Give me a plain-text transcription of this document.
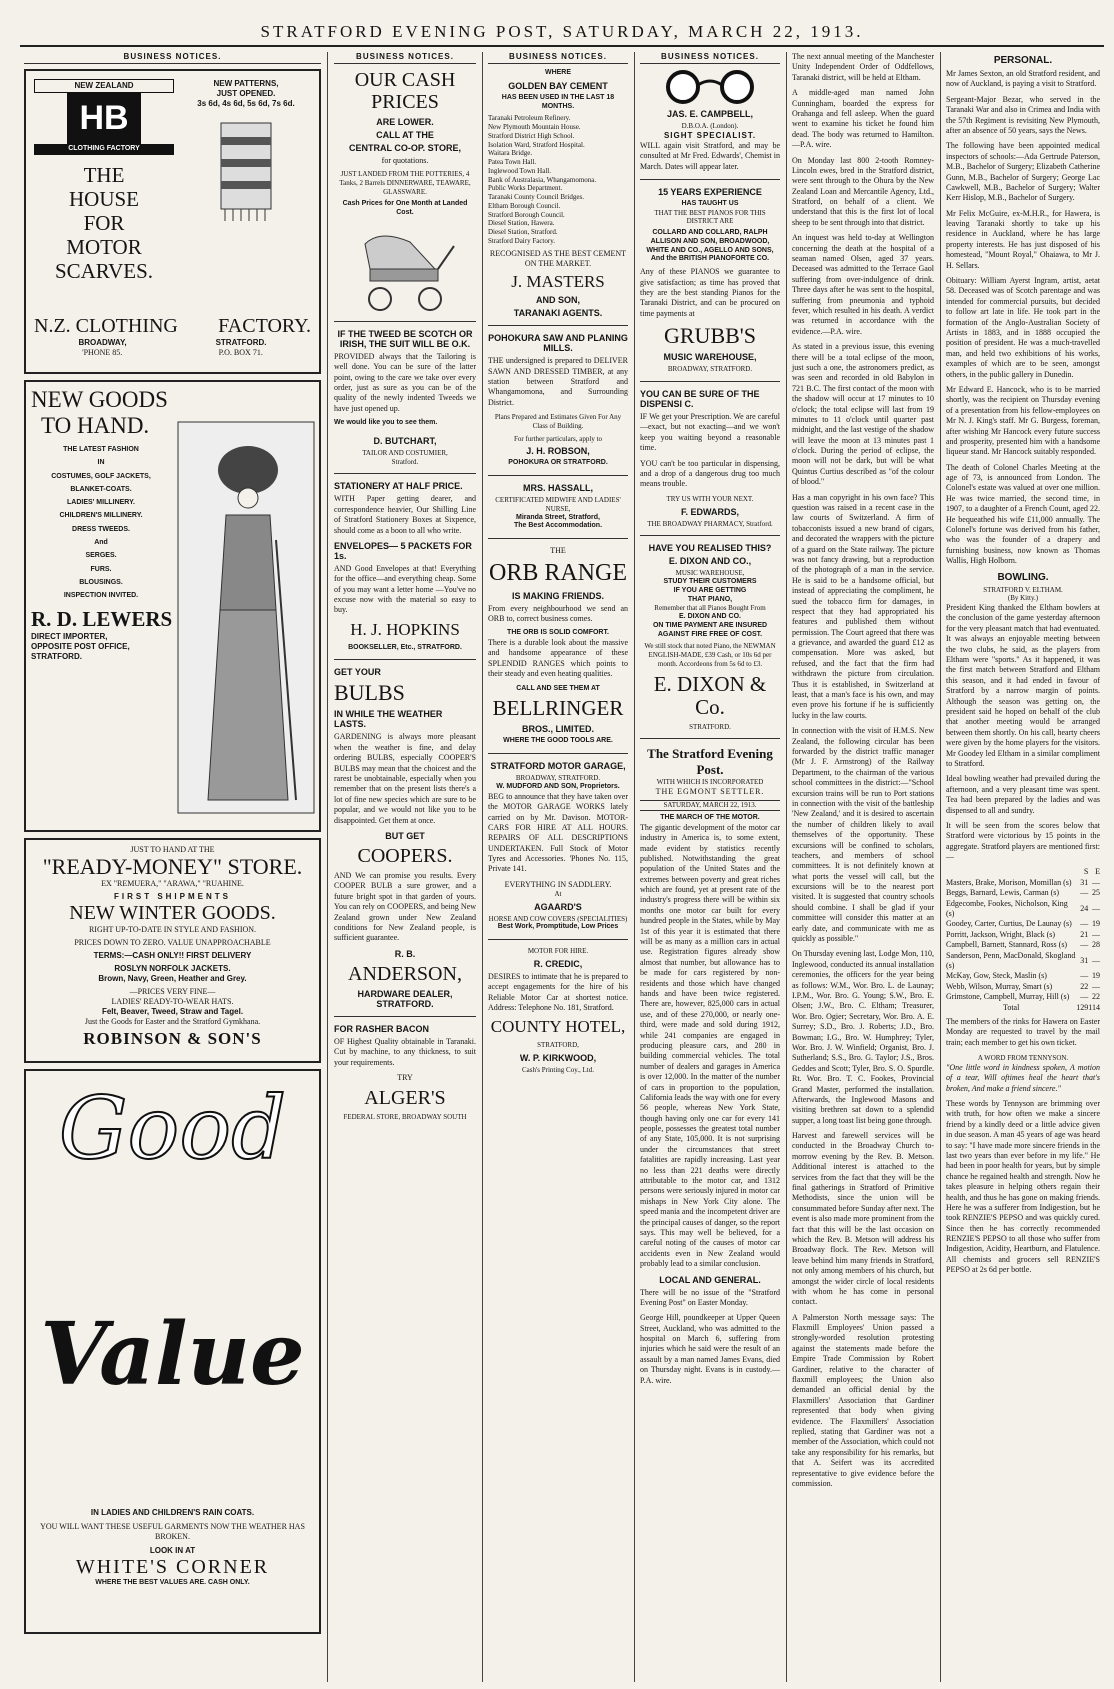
STRATFORD EVENING POST, SATURDAY, MARCH 22, 1913.
BUSINESS NOTICES.
NEW ZEALAND
HB
CLOTHING FACTORY
THE
HOUSE
FOR
MOTOR
SCARVES.
NEW PATTERNS,
JUST OPENED.
3s 6d, 4s 6d, 5s 6d, 7s 6d.
N.Z. CLOTHING FACTORY.
BROADWAY,	STRATFORD.
'PHONE 85.	P.O. BOX 71.
NEW GOODS
TO HAND.
THE LATEST FASHION
IN
COSTUMES, GOLF JACKETS,
BLANKET-COATS.
LADIES' MILLINERY.
CHILDREN'S MILLINERY.
DRESS TWEEDS.
And
SERGES.
FURS.
BLOUSINGS.
INSPECTION INVITED.
R. D. LEWERS
DIRECT IMPORTER,
OPPOSITE POST OFFICE,
STRATFORD.
JUST TO HAND AT THE
"READY-MONEY" STORE.
EX "REMUERA," "ARAWA," "RUAHINE.
FIRST SHIPMENTS
NEW WINTER GOODS.
RIGHT UP-TO-DATE IN STYLE AND FASHION.
PRICES DOWN TO ZERO. VALUE UNAPPROACHABLE
TERMS:—CASH ONLY!! FIRST DELIVERY
ROSLYN NORFOLK JACKETS.
Brown, Navy, Green, Heather and Grey.
—PRICES VERY FINE—
LADIES' READY-TO-WEAR HATS.
Felt, Beaver, Tweed, Straw and Tagel.
Just the Goods for Easter and the Stratford Gymkhana.
ROBINSON & SON'S
Good
Value
IN LADIES AND CHILDREN'S RAIN COATS.
YOU WILL WANT THESE USEFUL GARMENTS NOW THE WEATHER HAS BROKEN.
LOOK IN AT
WHITE'S CORNER
WHERE THE BEST VALUES ARE. CASH ONLY.
BUSINESS NOTICES.
OUR CASH PRICES
ARE LOWER.
CALL AT THE
CENTRAL CO-OP. STORE,
for quotations.
JUST LANDED FROM THE POTTERIES, 4 Tanks, 2 Barrels DINNERWARE, TEAWARE, GLASSWARE.
Cash Prices for One Month at Landed Cost.
IF THE TWEED BE SCOTCH OR IRISH, THE SUIT WILL BE O.K.

PROVIDED always that the Tailoring is well done. You can be sure of the latter point, owing to the care we take over every order, just as sure as you can be of the quality of the newly indented Tweeds we have just opened up.

We would like you to see them.
D. BUTCHART,
TAILOR AND COSTUMIER,
Stratford.
STATIONERY AT HALF PRICE.

WITH Paper getting dearer, and correspondence heavier, Our Shilling Line of Stratford Stationery Boxes at Sixpence, should come as a boon to all who write.

ENVELOPES— 5 PACKETS FOR 1s.

AND Good Envelopes at that! Everything for the office—and everything cheap. Some of you may want a letter home —You've no excuse now with the material so easy to buy.

H. J. HOPKINS
BOOKSELLER, Etc., STRATFORD.
GET YOUR
BULBS
IN WHILE THE WEATHER LASTS.

GARDENING is always more pleasant when the weather is fine, and delay ordering BULBS, especially COOPER'S BULBS may mean that the choicest and the rarest be unobtainable, especially when you remember that on the present lists there's a lot of fine new species which are sure to be popular, and we would not like you to be disappointed. Get them at once.

BUT GET
COOPERS.

AND We can promise you results. Every COOPER BULB a sure grower, and a future bright spot in that garden of yours. You can rely on COOPERS, and being New Zealand grown under New Zealand conditions for New Zealand people, is sufficient guarantee.

R. B.
ANDERSON,
HARDWARE DEALER, STRATFORD.
FOR RASHER BACON

OF Highest Quality obtainable in Taranaki. Cut by machine, to any thickness, to suit your requirements.

TRY
ALGER'S
FEDERAL STORE, BROADWAY SOUTH
BUSINESS NOTICES.
WHERE
GOLDEN BAY CEMENT
HAS BEEN USED IN THE LAST 18 MONTHS.
Taranaki Petroleum Refinery.
New Plymouth Mountain House.
Stratford District High School.
Isolation Ward, Stratford Hospital.
Waitara Bridge.
Patea Town Hall.
Inglewood Town Hall.
Bank of Australasia, Whangamomona.
Public Works Department.
Taranaki County Council Bridges.
Eltham Borough Council.
Stratford Borough Council.
Diesel Station, Hawera.
Diesel Station, Stratford.
Stratford Dairy Factory.
RECOGNISED AS THE BEST CEMENT ON THE MARKET.
J. MASTERS
AND SON,
TARANAKI AGENTS.
POHOKURA SAW AND PLANING MILLS.

THE undersigned is prepared to DELIVER SAWN AND DRESSED TIMBER, at any station between Stratford and Whangamomona, and Surrounding District.

Plans Prepared and Estimates Given For Any Class of Building.
For further particulars, apply to
J. H. ROBSON,
POHOKURA OR STRATFORD.
MRS. HASSALL,
CERTIFICATED MIDWIFE AND LADIES' NURSE,
Miranda Street, Stratford,
The Best Accommodation.
THE
ORB RANGE
IS MAKING FRIENDS.

From every neighbourhood we send an ORB to, correct business comes.

THE ORB IS SOLID COMFORT.

There is a durable look about the massive and handsome appearance of these SPLENDID RANGES which points to their steady and even heating qualities.

CALL AND SEE THEM AT
BELLRINGER
BROS., LIMITED.
WHERE THE GOOD TOOLS ARE.
STRATFORD MOTOR GARAGE,
BROADWAY, STRATFORD.
W. MUDFORD AND SON, Proprietors.

BEG to announce that they have taken over the MOTOR GARAGE WORKS lately carried on by Mr. Davison. MOTOR-CARS FOR HIRE AT ALL HOURS. REPAIRS OF ALL DESCRIPTIONS UNDERTAKEN. Full Stock of Motor Tyres and Accessories. 'Phones No. 115, Private 141.

EVERYTHING IN SADDLERY.
At
AGAARD'S
HORSE AND COW COVERS (SPECIALITIES)
Best Work, Promptitude, Low Prices
MOTOR FOR HIRE.
R. CREDIC,

DESIRES to intimate that he is prepared to accept engagements for the hire of his Reliable Motor Car at shortest notice. Address: Telephone No. 181, Stratford.

COUNTY HOTEL,
STRATFORD,
W. P. KIRKWOOD,
Cash's Printing Coy., Ltd.
BUSINESS NOTICES.
JAS. E. CAMPBELL,
D.B.O.A. (London).
SIGHT SPECIALIST.

WILL again visit Stratford, and may be consulted at Mr Fred. Edwards', Chemist in March. Dates will appear later.

15 YEARS EXPERIENCE
HAS TAUGHT US
THAT THE BEST PIANOS FOR THIS DISTRICT ARE
COLLARD AND COLLARD, RALPH ALLISON AND SON, BROADWOOD, WHITE AND CO., AGELLO AND SONS, And the BRITISH PIANOFORTE CO.

Any of these PIANOS we guarantee to give satisfaction; as time has proved that they are the best standing Pianos for the Taranaki District, and can be procured on time payments at

GRUBB'S
MUSIC WAREHOUSE,
BROADWAY, STRATFORD.
YOU CAN BE SURE OF THE DISPENSI C.

IF We get your Prescription. We are careful—exact, but not exacting—and we won't keep you waiting beyond a reasonable time.

YOU can't be too particular in dispensing, and a drop of a dangerous drug too much means trouble.

TRY US WITH YOUR NEXT.
F. EDWARDS,
THE BROADWAY PHARMACY, Stratford.
HAVE YOU REALISED THIS?
E. DIXON AND CO.,
MUSIC WAREHOUSE,
STUDY THEIR CUSTOMERS
IF YOU ARE GETTING
THAT PIANO,
Remember that all Pianos Bought From
E. DIXON AND CO.
ON TIME PAYMENT ARE INSURED AGAINST FIRE FREE OF COST.
We still stock that noted Piano, the NEWMAN ENGLISH-MADE, £39 Cash, or 10s 6d per month. Accordeons from 5s 6d to £3.
E. DIXON & Co.
STRATFORD.
The Stratford Evening Post.
WITH WHICH IS INCORPORATED
THE EGMONT SETTLER.
SATURDAY, MARCH 22, 1913.
THE MARCH OF THE MOTOR.

The gigantic development of the motor car industry in America is, to some extent, made evident by statistics recently published. Notwithstanding the great population of the United States and the extremes between poverty and great riches which are found, yet at present rate of the industry's progress there will be within six months one motor car built for every hundred people in the States, while by May 1st of this year it is estimated that there will be as many as a million cars in actual use. Registration figures already show almost that number, but allowance has to be made for cars registered by non-residents and those which have changed hands and have been twice registered. There are, however, 825,000 cars in actual use, and of these 270,000, or nearly one-third, were made and sold during 1912, while 241 companies are engaged in producing pleasure cars, and 280 in building commercial vehicles. The total number of dealers and garages in America is over 12,000. In the matter of the number of cars in proportion to the population, California leads the way with one for every 56 people, whereas New York State, though having only one car for every 141 people, possesses the greatest total number of any State, 105,000. It is not surprising under the circumstances that street fatalities are rapidly increasing. Last year no less than 221 deaths were directly attributable to the motor car, and 1312 persons were seriously injured in motor car mishaps in New York City alone. The speed mania and the incompetent driver are the principal causes of danger, so the report says. This may well be believed, for a careful noting of the causes of motor car accidents even in New Zealand would probably lead to a similar conclusion.

LOCAL AND GENERAL.

There will be no issue of the "Stratford Evening Post" on Easter Monday.

George Hill, poundkeeper at Upper Queen Street, Auckland, who was admitted to the hospital on March 6, suffering from injuries which he said were the result of an assault by a man named James Evans, died on Thursday night. Evans is in custody.—P.A. wire.

The next annual meeting of the Manchester Unity Independent Order of Oddfellows, Taranaki district, will be held at Eltham.

A middle-aged man named John Cunningham, boarded the express for Orahanga and fell asleep. When the guard went to examine his ticket he found him dead. The body was returned to Hamilton.—P.A. wire.

On Monday last 800 2-tooth Romney-Lincoln ewes, bred in the Stratford district, were sent through to the Ohura by the New Zealand Loan and Mercantile Agency, Ltd., Stratford, on behalf of a client. We understand that this is the first lot of local sheep to be sent through into that district.

An inquest was held to-day at Wellington concerning the death at the hospital of a seaman named Olsen, aged 37 years. Deceased was admitted to the Terrace Gaol suffering from over-indulgence of drink. Three days after he was sent to the hospital, suffering from pneumonia and typhoid fever, which resulted in his death. A verdict was returned in accordance with the evidence.—P.A. wire.

As stated in a previous issue, this evening there will be a total eclipse of the moon, just such a one, the astronomers predict, as was seen and recorded in old Babylon in 721 B.C. The first contact of the moon with the shadow will occur at 17 minutes to 10 o'clock; the total eclipse will last from 19 minutes to 11 o'clock until quarter past midnight, and the last vestige of the shadow will leave the moon at 13 minutes past 1 o'clock. During the period of eclipse, the moon will not be dark, but will be what Quintus Curtius described as "of the colour of blood."

Has a man copyright in his own face? This question was raised in a recent case in the law courts of Switzerland. A firm of tobacconists issued a new brand of cigars, and decorated the wrappers with the picture of a guard on the State railway. The picture was not fancy drawing, but a reproduction of the photograph of a man in the service. He is said to be a handsome official, but instead of appreciating the compliment, he sued the tobacco firm for damages, in respect that they had appropriated his features and published them without permission. The Court agreed that there was a grievance, and awarded the guard £12 as compensation. More was asked, but refused, and the fact that the firm had withdrawn the picture from circulation. Thus it is established, in Switzerland at least, that a man's face is his own, and may even prove his fortune if he is sufficiently lucky in the law courts.

In connection with the visit of H.M.S. New Zealand, the following circular has been forwarded by the district traffic manager (Mr J. F. Armstrong) of the Railway Department, to the chairman of the various school committees in the district:—"School excursion trains will be run to Port stations in connection with the visit of the battleship 'New Zealand,' and it is desired to ascertain the number of children likely to avail themselves of the opportunity. These excursions will be confined to scholars, teachers, and members of school committees. It is not definitely known at what ports the vessel will call, but the excursions will be to the nearest port visited. It is suggested that country schools should combine. I shall be glad if your committee will consider this matter at an early date, and communicate with me as quickly as possible."

On Thursday evening last, Lodge Mon, 110, Inglewood, conducted its annual installation ceremonies, the officers for the year being as follows: W.M., Wor. Bro. L. de Launay; I.P.M., Wor. Bro. G. Young; S.W., Bro. E. Olsen; J.W., Bro. C. Eltham; Treasurer, Wor. Bro. Ogier; Secretary, Wor. Bro. A. E. Surrey; S.D., Bro. J. Roberts; J.D., Bro. Bowman; I.G., Bro. W. Humphrey; Tyler, Wor. Bro. J. W. Winfield; Organist, Bro. J. Sutherland; S.S., Bro. G. Taylor; J.S., Bros. Geddes and Scott; Tyler, Bro. S. O. Spurdle. Rt. Wor. Bro. T. C. Fookes, Provincial Grand Master, performed the installation. Afterwards, the Inglewood Masons and visiting brethren sat down to a splendid supper, a long toast list being gone through.

Harvest and farewell services will be conducted in the Broadway Church to-morrow evening by the Rev. B. Metson. Additional interest is attached to the services from the fact that they will be the final gatherings in Stratford of Primitive Methodists, since the union will be consummated before Sunday after next. The event is also made more prominent from the fact that this will be the last occasion on which the Rev. B. Metson will address his Broadway flock. The Rev. Metson will leave behind him many friends in Stratford, not only among members of his church, but amongst the wider circle of local residents with whom he has come in personal contact.

A Palmerston North message says: The Flaxmill Employees' Union passed a strongly-worded resolution protesting against the statements made before the Empire Trade Commission by Robert Gardiner, relative to the character of flaxmill employees; the Union also demanded an official denial by the Flaxmillers' Association that Gardiner represented that body when giving evidence. The Flaxmillers' Association replied, stating that Gardiner was not a member of the Association, which could not take any responsibility for his remarks, but that A. Seifert was its accredited representative to give evidence before the commission.

PERSONAL.

Mr James Sexton, an old Stratford resident, and now of Auckland, is paying a visit to Stratford.

Sergeant-Major Bezar, who served in the Taranaki War and also in Crimea and India with the 57th Regiment is revisiting New Plymouth, after an absence of 50 years, says the News.

The following have been appointed medical inspectors of schools:—Ada Gertrude Paterson, M.B., Bachelor of Surgery; Elizabeth Catherine Gunn, M.B., Bachelor of Surgery; George Lac Cawkwell, M.B., Bachelor of Surgery; Walter Kerr Hislop, M.B., Bachelor of Surgery.

Mr Felix McGuire, ex-M.H.R., for Hawera, is leaving Taranaki shortly to take up his residence in Auckland, where he has large property interests. He has just disposed of his homestead, "Mount Royal," Ohaiawa, to Mr J. H. Sellars.

Obituary: William Ayerst Ingram, artist, aetat 58. Deceased was of Scotch parentage and was intended for commercial pursuits, but decided to follow art late in life. He took part in the formation of the Anglo-Australian Society of Artists in 1883, and in 1888 occupied the position of president. He was a much-travelled man, and held two exhibitions of his works, examples of which are to be seen, amongst others, in the public gallery in Dunedin.

Mr Edward E. Hancock, who is to be married shortly, was the recipient on Thursday evening of a presentation from his fellow-employees on Mr N. J. King's staff. Mr G. Burgess, foreman, after wishing Mr Hancock every future success and prosperity, presented him with a handsome liqueur stand. Mr Hancock suitably responded.

The death of Colonel Charles Meeting at the age of 73, is announced from London. The Colonel's estate was valued at over one million. He was twice married, the second time, in 1907, to a daughter of a French Count, aged 22. He bequeathed his wife £11,000 annually. The Colonel's fortune was derived from his father, who was the founder of a drapery and furnishing business, now known as Thomas Wallis, High Holborn.

BOWLING.
STRATFORD V. ELTHAM.
(By Kitty.)

President King thanked the Eltham bowlers at the conclusion of the game yesterday afternoon for the very pleasant match that had eventuated. It was always an enjoyable meeting between the two clubs, he said, as the players from Eltham were "sports." As it happened, it was the first match between Stratford and Eltham this season, and it had ended in favour of Stratford by a narrow margin of points. Although the season was getting on, the president said he hoped on behalf of the club that another meeting would be arranged between them shortly. On his call, hearty cheers were given by the home players for the visitors. Mr Goodey led Eltham in a similar compliment to Stratford.

Ideal bowling weather had prevailed during the afternoon, and a very pleasant time was spent. Tea had been prepared by the ladies and was dispensed to all and sundry.

It will be seen from the scores below that Stratford were victorious by 15 points in the aggregate. Stratford players are mentioned first:—

	S	E
Masters, Brake, Morison, Momillan (s)	31	—
Beggs, Barnard, Lewis, Carman (s)	—	25
Edgecombe, Fookes, Nicholson, King (s)	24	—
Goodey, Carter, Curtius, De Launay (s)	—	19
Porritt, Jackson, Wright, Black (s)	21	—
Campbell, Barnett, Stannard, Ross (s)	—	28
Sanderson, Penn, MacDonald, Skogland (s)	31	—
McKay, Gow, Steck, Maslin (s)	—	19
Webb, Wilson, Murray, Smart (s)	22	—
Grimstone, Campbell, Murray, Hill (s)	—	22
Total	129	114

The members of the rinks for Hawera on Easter Monday are requested to travel by the mail train; each member to get his own ticket.

A WORD FROM TENNYSON.

"One little word in kindness spoken, A motion of a tear, Will oftimes heal the heart that's broken, And make a friend sincere."

These words by Tennyson are brimming over with truth, for how often we make a sincere friend by a kindly deed or a little advice given in due season. A man 45 years of age was heard to say: "I have made more sincere friends in the last two years than ever before in my life." He had been in poor health for years, but by simple chance he regained health and strength. Now he takes pleasure in helping others regain their health, and thus he has gone on making friends. Here he was a sufferer from Indigestion, but he took RENZIE'S PEPSO and was quickly cured. Since then he has correctly recommended RENZIE'S PEPSO to all those who suffer from Indigestion, Acidity, Heartburn, and Flatulence. All chemists and grocers sell RENZIE'S PEPSO at 2s 6d per bottle.
